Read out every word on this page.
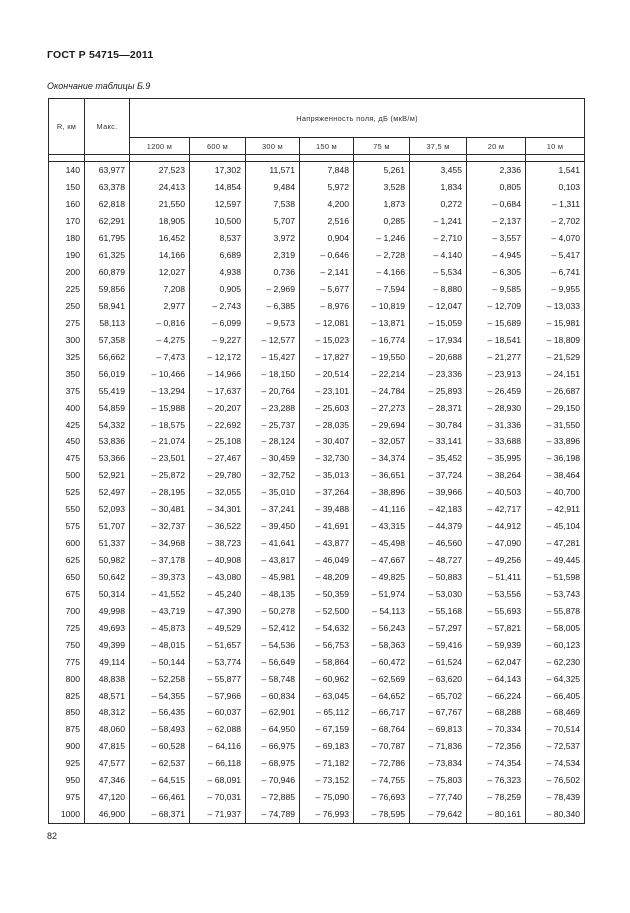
ГОСТ Р 54715—2011
Окончание таблицы Б.9
R, км	Макс.	Напряженность поля, дБ (мкВ/м)							
		1200 м	600 м	300 м	150 м	75 м	37,5 м	20 м	10 м

140	63,977	27,523	17,302	11,571	7,848	5,261	3,455	2,336	1,541
150	63,378	24,413	14,854	9,484	5,972	3,528	1,834	0,805	0,103
160	62,818	21,550	12,597	7,538	4,200	1,873	0,272	– 0,684	– 1,311
170	62,291	18,905	10,500	5,707	2,516	0,285	– 1,241	– 2,137	– 2,702
180	61,795	16,452	8,537	3,972	0,904	– 1,246	– 2,710	– 3,557	– 4,070
190	61,325	14,166	6,689	2,319	– 0,646	– 2,728	– 4,140	– 4,945	– 5,417
200	60,879	12,027	4,938	0,736	– 2,141	– 4,166	– 5,534	– 6,305	– 6,741
225	59,856	7,208	0,905	– 2,969	– 5,677	– 7,594	– 8,880	– 9,585	– 9,955
250	58,941	2,977	– 2,743	– 6,385	– 8,976	– 10,819	– 12,047	– 12,709	– 13,033
275	58,113	– 0,816	– 6,099	– 9,573	– 12,081	– 13,871	– 15,059	– 15,689	– 15,981
300	57,358	– 4,275	– 9,227	– 12,577	– 15,023	– 16,774	– 17,934	– 18,541	– 18,809
325	56,662	– 7,473	– 12,172	– 15,427	– 17,827	– 19,550	– 20,688	– 21,277	– 21,529
350	56,019	– 10,466	– 14,966	– 18,150	– 20,514	– 22,214	– 23,336	– 23,913	– 24,151
375	55,419	– 13,294	– 17,637	– 20,764	– 23,101	– 24,784	– 25,893	– 26,459	– 26,687
400	54,859	– 15,988	– 20,207	– 23,288	– 25,603	– 27,273	– 28,371	– 28,930	– 29,150
425	54,332	– 18,575	– 22,692	– 25,737	– 28,035	– 29,694	– 30,784	– 31,336	– 31,550
450	53,836	– 21,074	– 25,108	– 28,124	– 30,407	– 32,057	– 33,141	– 33,688	– 33,896
475	53,366	– 23,501	– 27,467	– 30,459	– 32,730	– 34,374	– 35,452	– 35,995	– 36,198
500	52,921	– 25,872	– 29,780	– 32,752	– 35,013	– 36,651	– 37,724	– 38,264	– 38,464
525	52,497	– 28,195	– 32,055	– 35,010	– 37,264	– 38,896	– 39,966	– 40,503	– 40,700
550	52,093	– 30,481	– 34,301	– 37,241	– 39,488	– 41,116	– 42,183	– 42,717	– 42,911
575	51,707	– 32,737	– 36,522	– 39,450	– 41,691	– 43,315	– 44,379	– 44,912	– 45,104
600	51,337	– 34,968	– 38,723	– 41,641	– 43,877	– 45,498	– 46,560	– 47,090	– 47,281
625	50,982	– 37,178	– 40,908	– 43,817	– 46,049	– 47,667	– 48,727	– 49,256	– 49,445
650	50,642	– 39,373	– 43,080	– 45,981	– 48,209	– 49,825	– 50,883	– 51,411	– 51,598
675	50,314	– 41,552	– 45,240	– 48,135	– 50,359	– 51,974	– 53,030	– 53,556	– 53,743
700	49,998	– 43,719	– 47,390	– 50,278	– 52,500	– 54,113	– 55,168	– 55,693	– 55,878
725	49,693	– 45,873	– 49,529	– 52,412	– 54,632	– 56,243	– 57,297	– 57,821	– 58,005
750	49,399	– 48,015	– 51,657	– 54,536	– 56,753	– 58,363	– 59,416	– 59,939	– 60,123
775	49,114	– 50,144	– 53,774	– 56,649	– 58,864	– 60,472	– 61,524	– 62,047	– 62,230
800	48,838	– 52,258	– 55,877	– 58,748	– 60,962	– 62,569	– 63,620	– 64,143	– 64,325
825	48,571	– 54,355	– 57,966	– 60,834	– 63,045	– 64,652	– 65,702	– 66,224	– 66,405
850	48,312	– 56,435	– 60,037	– 62,901	– 65,112	– 66,717	– 67,767	– 68,288	– 68,469
875	48,060	– 58,493	– 62,088	– 64,950	– 67,159	– 68,764	– 69,813	– 70,334	– 70,514
900	47,815	– 60,528	– 64,116	– 66,975	– 69,183	– 70,787	– 71,836	– 72,356	– 72,537
925	47,577	– 62,537	– 66,118	– 68,975	– 71,182	– 72,786	– 73,834	– 74,354	– 74,534
950	47,346	– 64,515	– 68,091	– 70,946	– 73,152	– 74,755	– 75,803	– 76,323	– 76,502
975	47,120	– 66,461	– 70,031	– 72,885	– 75,090	– 76,693	– 77,740	– 78,259	– 78,439
1000	46,900	– 68,371	– 71,937	– 74,789	– 76,993	– 78,595	– 79,642	– 80,161	– 80,340
82
